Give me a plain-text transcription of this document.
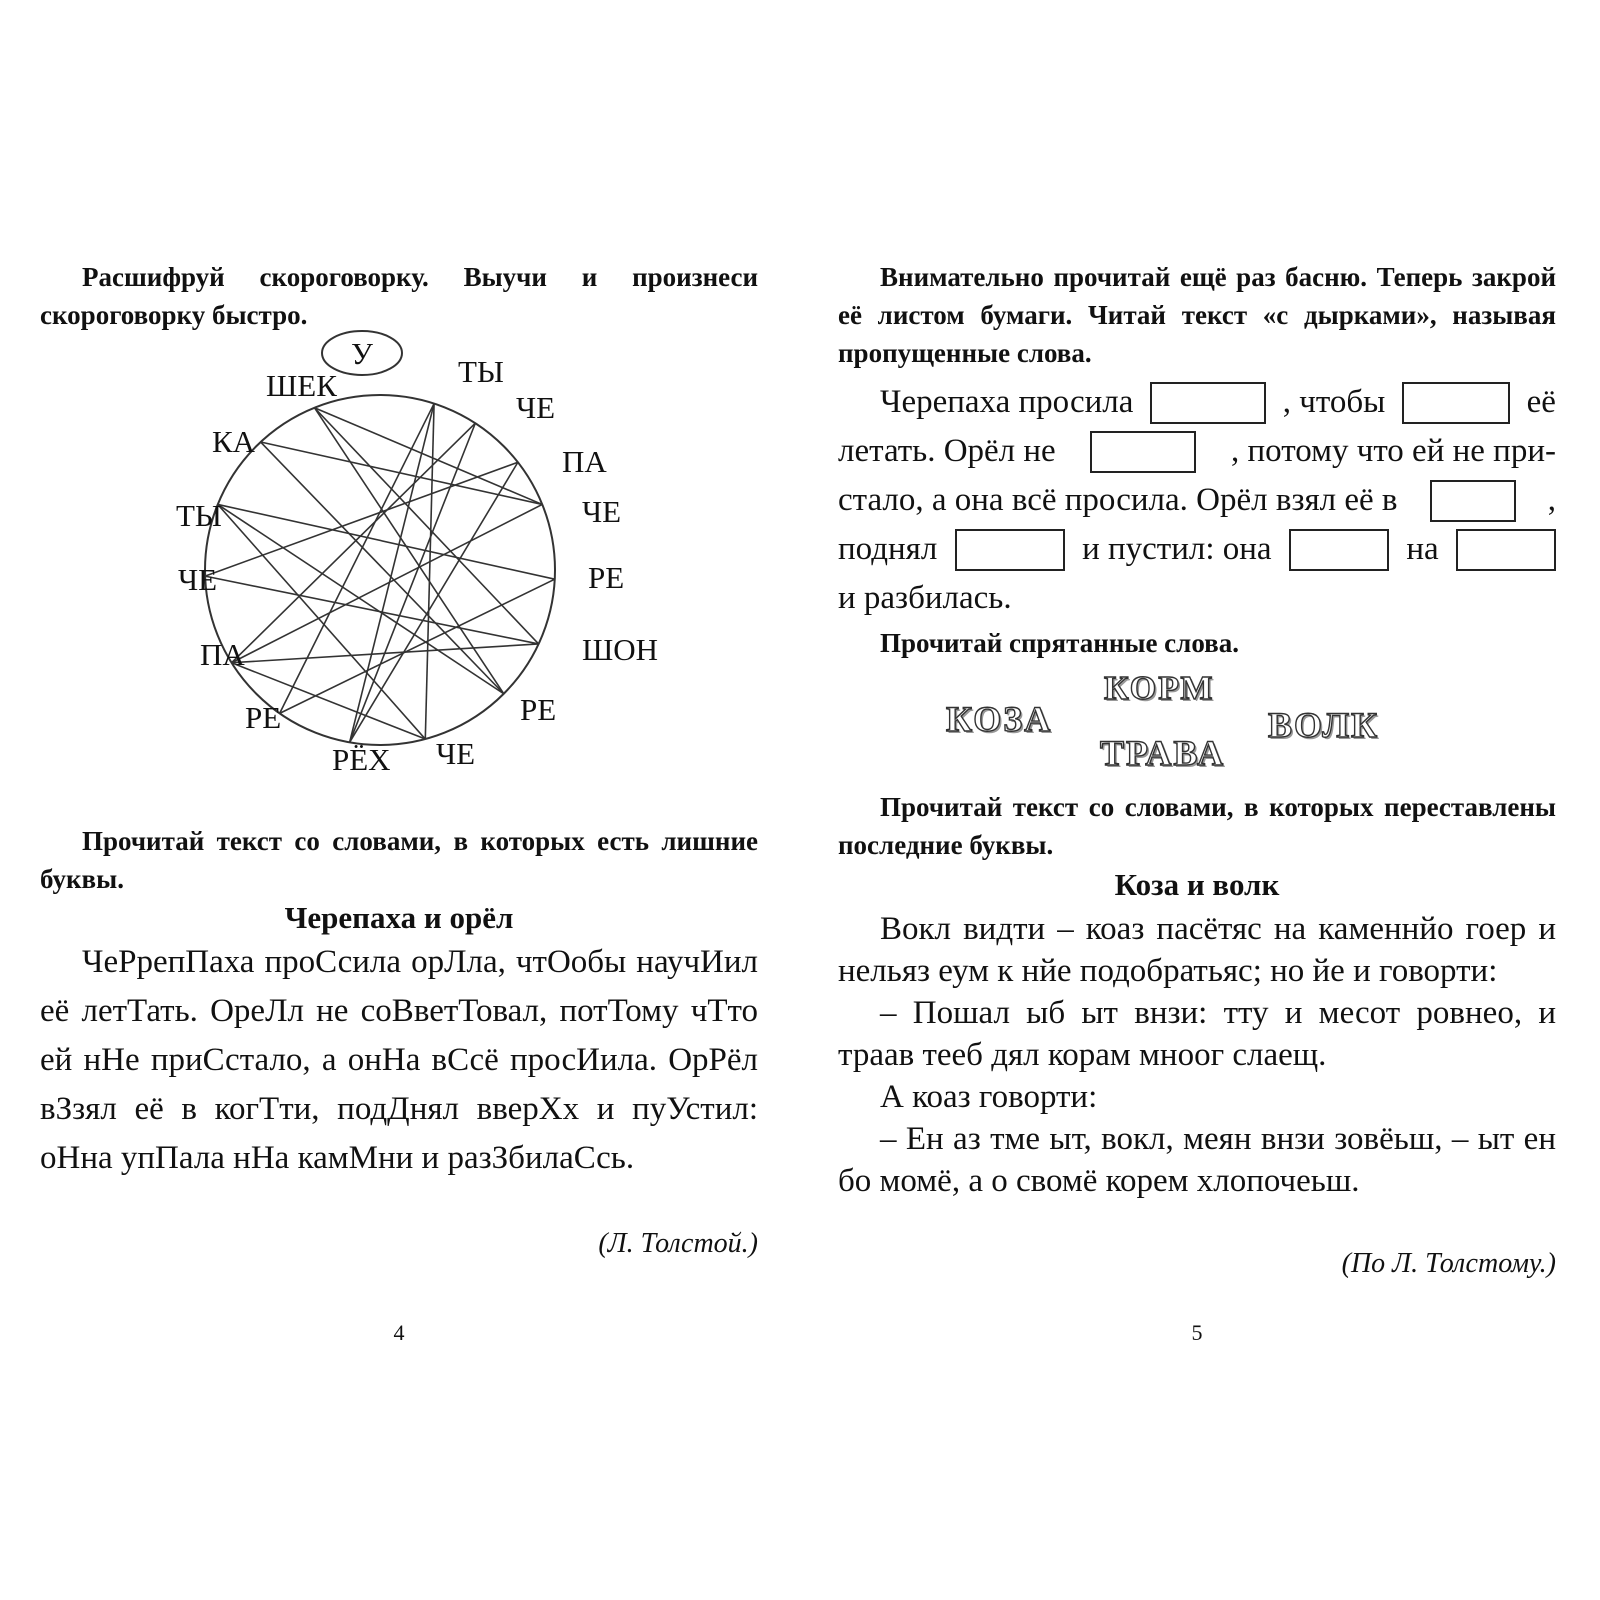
Расшифруй скороговорку. Выучи и произнеси скороговорку быстро.

У
ТЫ
ЧЕ
ПА
ЧЕ
РЕ
ШОН
РЕ
ЧЕ
РЁХ
РЕ
ПА
ЧЕ
ТЫ
КА
ШЕК

Прочитай текст со словами, в которых есть лишние буквы.

Черепаха и орёл

ЧеРрепПаха проСсила орЛла, чтОобы научИил её летТать. ОреЛл не соВветТовал, потТому чТто ей нНе приСстало, а онНа вСсё просИила. ОрРёл вЗзял её в когТти, подДнял вверХх и пуУстил: оНна упПала нНа камМни и разЗбилаСсь.

(Л. Толстой.)

4

Внимательно прочитай ещё раз басню. Теперь закрой её листом бумаги. Читай текст «с дырками», называя пропущенные слова.

Черепаха просила	, чтобы	её
летать. Орёл не	, потому что ей не при-
стало, а она всё просила. Орёл взял её в	,
поднял	и пустил: она	на
и разбилась.

Прочитай спрятанные слова.

КОЗА
КОРМ
ТРАВА
ВОЛК

Прочитай текст со словами, в которых переставлены последние буквы.

Коза и волк

Вокл видти – коаз пасётяс на каменнйо гоер и нельяз еум к нйе подобратьяс; но йе и говорти:

– Пошал ыб ыт внзи: тту и месот ровнео, и траав тееб дял корам мноог слаещ.

А коаз говорти:

– Ен аз тме ыт, вокл, меян внзи зовёьш, – ыт ен бо момё, а о свомё корем хлопочеьш.

(По Л. Толстому.)

5
